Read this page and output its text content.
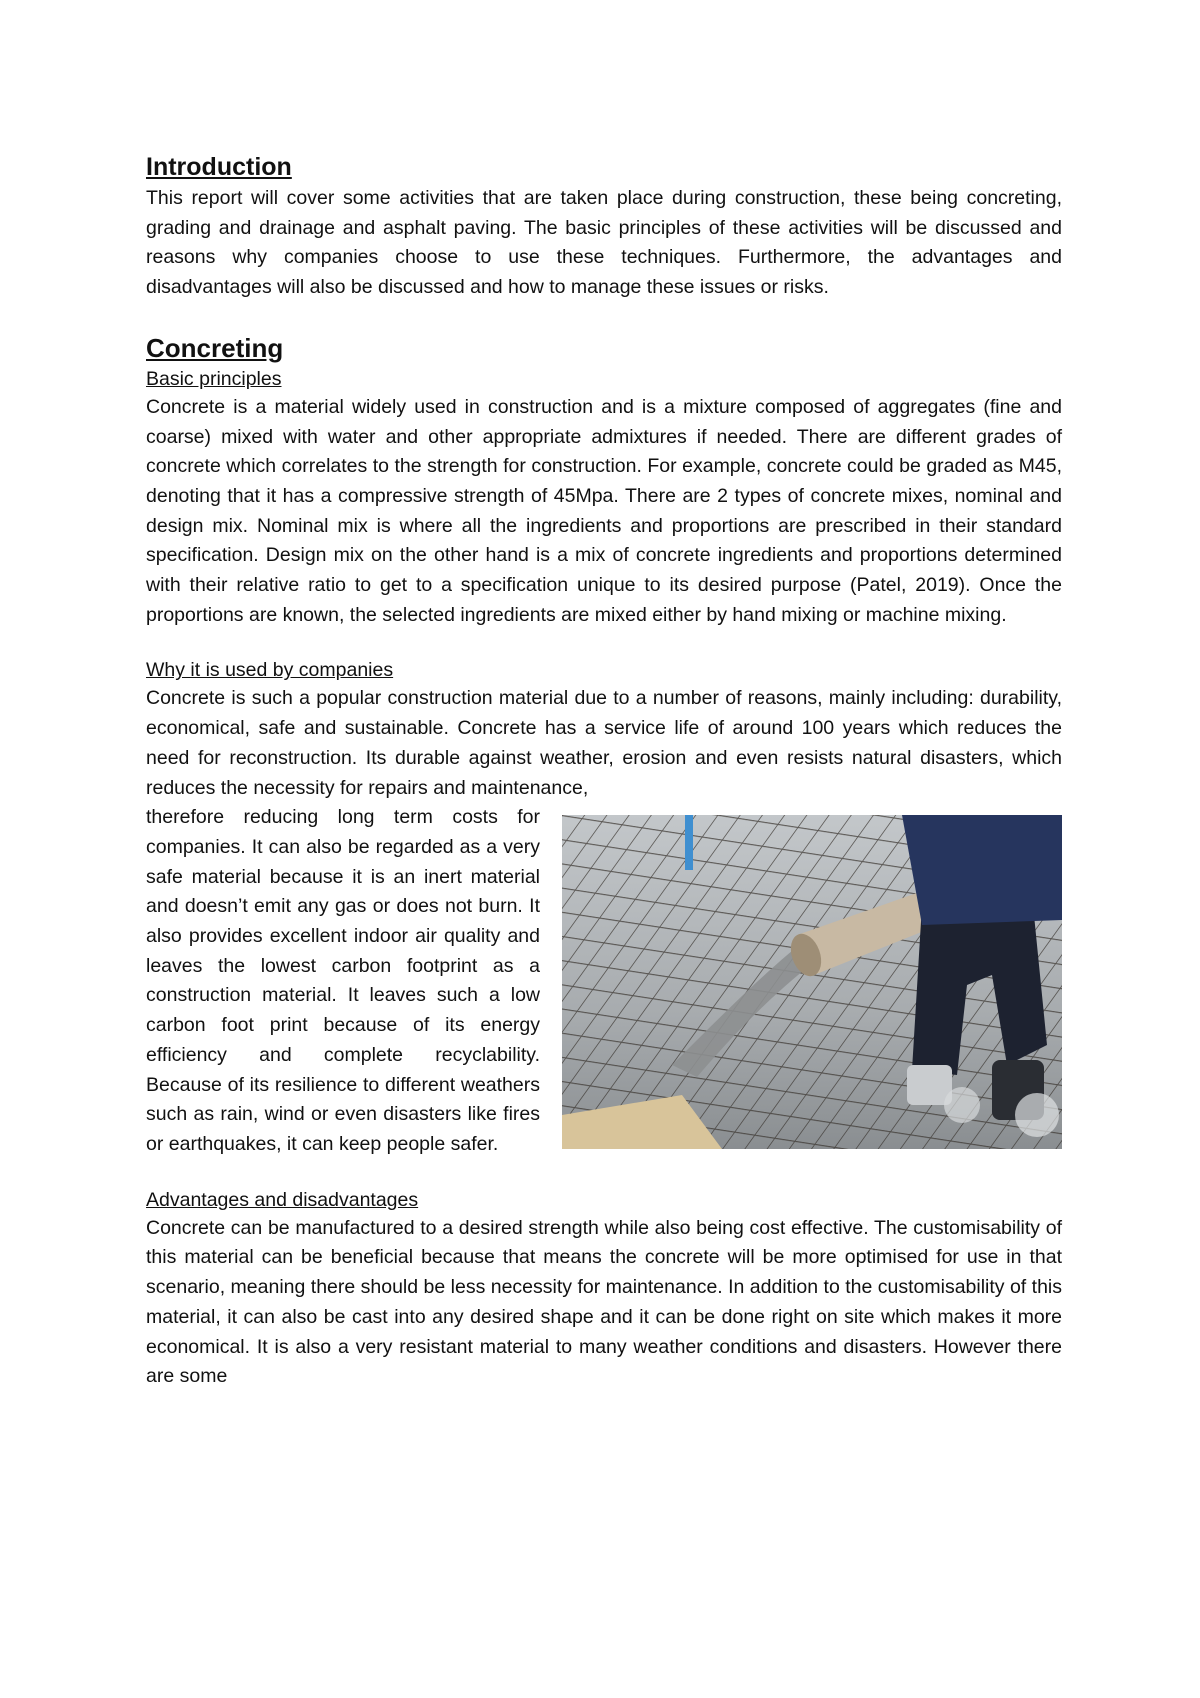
Introduction

This report will cover some activities that are taken place during construction, these being concreting, grading and drainage and asphalt paving. The basic principles of these activities will be discussed and reasons why companies choose to use these techniques. Furthermore, the advantages and disadvantages will also be discussed and how to manage these issues or risks.

Concreting
Basic principles

Concrete is a material widely used in construction and is a mixture composed of aggregates (fine and coarse) mixed with water and other appropriate admixtures if needed. There are different grades of concrete which correlates to the strength for construction. For example, concrete could be graded as M45, denoting that it has a compressive strength of 45Mpa. There are 2 types of concrete mixes, nominal and design mix. Nominal mix is where all the ingredients and proportions are prescribed in their standard specification. Design mix on the other hand is a mix of concrete ingredients and proportions determined with their relative ratio to get to a specification unique to its desired purpose (Patel, 2019). Once the proportions are known, the selected ingredients are mixed either by hand mixing or machine mixing.

Why it is used by companies

Concrete is such a popular construction material due to a number of reasons, mainly including: durability, economical, safe and sustainable. Concrete has a service life of around 100 years which reduces the need for reconstruction. Its durable against weather, erosion and even resists natural disasters, which reduces the necessity for repairs and maintenance,

therefore reducing long term costs for companies. It can also be regarded as a very safe material because it is an inert material and doesn’t emit any gas or does not burn. It also provides excellent indoor air quality and leaves the lowest carbon footprint as a construction material. It leaves such a low carbon foot print because of its energy efficiency and complete recyclability. Because of its resilience to different weathers such as rain, wind or even disasters like fires or earthquakes, it can keep people safer.

Advantages and disadvantages

Concrete can be manufactured to a desired strength while also being cost effective. The customisability of this material can be beneficial because that means the concrete will be more optimised for use in that scenario, meaning there should be less necessity for maintenance. In addition to the customisability of this material, it can also be cast into any desired shape and it can be done right on site which makes it more economical. It is also a very resistant material to many weather conditions and disasters. However there are some
